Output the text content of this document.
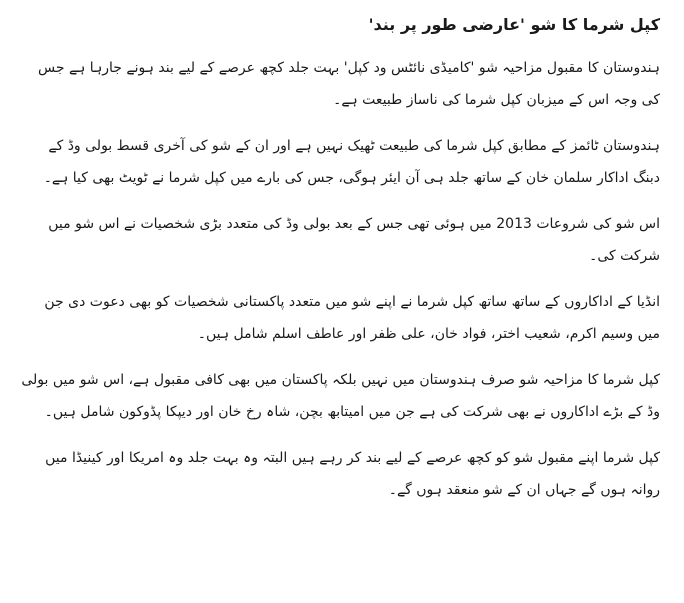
کپل شرما کا شو 'عارضی طور پر بند'

ہندوستان کا مقبول مزاحیہ شو 'کامیڈی نائٹس ود کپل' بہت جلد کچھ عرصے کے لیے بند ہونے جارہا ہے جس کی وجہ اس کے میزبان کپل شرما کی ناساز طبیعت ہے۔

ہندوستان ٹائمز کے مطابق کپل شرما کی طبیعت ٹھیک نہیں ہے اور ان کے شو کی آخری قسط بولی وڈ کے دبنگ اداکار سلمان خان کے ساتھ جلد ہی آن ایئر ہوگی، جس کی بارے میں کپل شرما نے ٹویٹ بھی کیا ہے۔

اس شو کی شروعات 2013 میں ہوئی تھی جس کے بعد بولی وڈ کی متعدد بڑی شخصیات نے اس شو میں شرکت کی۔

انڈیا کے اداکاروں کے ساتھ ساتھ کپل شرما نے اپنے شو میں متعدد پاکستانی شخصیات کو بھی دعوت دی جن میں وسیم اکرم، شعیب اختر، فواد خان، علی ظفر اور عاطف اسلم شامل ہیں۔

کپل شرما کا مزاحیہ شو صرف ہندوستان میں نہیں بلکہ پاکستان میں بھی کافی مقبول ہے، اس شو میں بولی وڈ کے بڑے اداکاروں نے بھی شرکت کی ہے جن میں امیتابھ بچن، شاہ رخ خان اور دیپکا پڈوکون شامل ہیں۔

کپل شرما اپنے مقبول شو کو کچھ عرصے کے لیے بند کر رہے ہیں البتہ وہ بہت جلد وہ امریکا اور کینیڈا میں روانہ ہوں گے جہاں ان کے شو منعقد ہوں گے۔
